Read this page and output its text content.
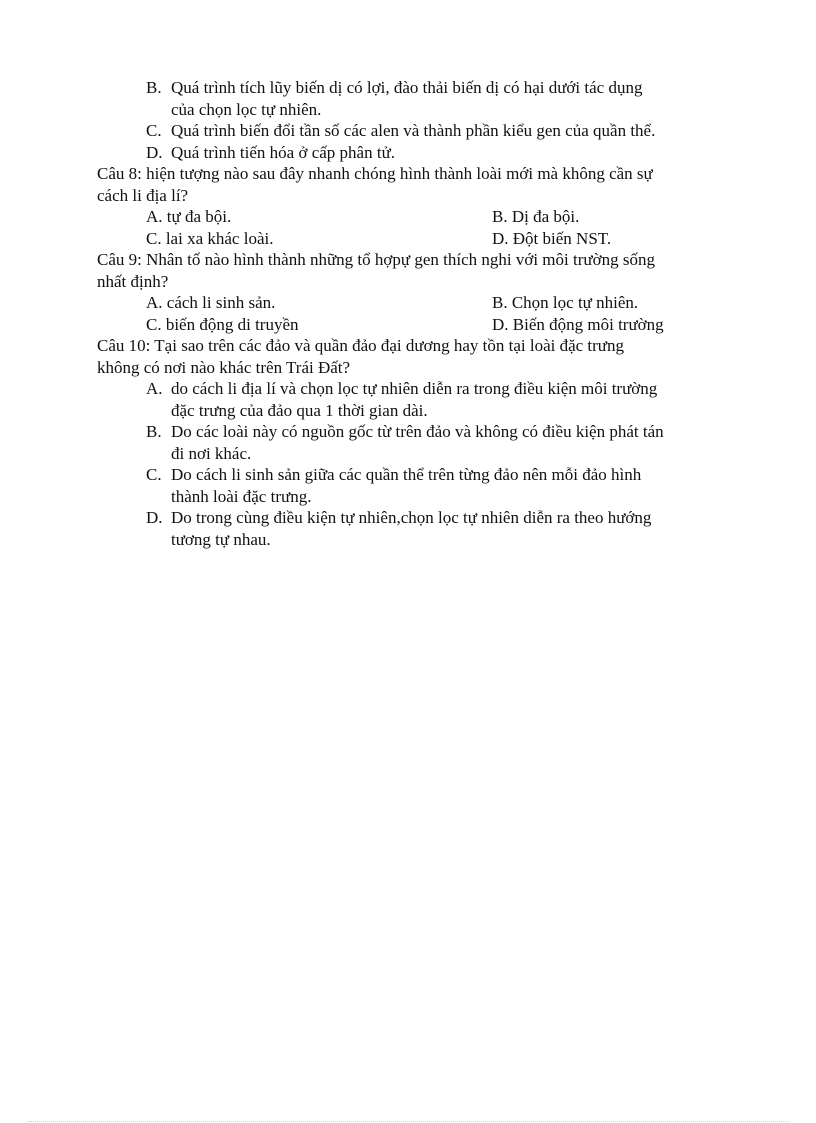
B. Quá trình tích lũy biến dị có lợi, đào thải biến dị có hại dưới tác dụng
của chọn lọc tự nhiên.
C. Quá trình biến đổi tần số các alen và thành phần kiểu gen của quần thể.
D. Quá trình tiến hóa ở cấp phân tử.
Câu 8: hiện tượng nào sau đây nhanh chóng hình thành loài mới mà không cần sự
cách li địa lí?
A. tự đa bội.	B. Dị đa bội.
C. lai xa khác loài.	D. Đột biến NST.
Câu 9: Nhân tố nào hình thành những tổ hợpự gen thích nghi với môi trường sống
nhất định?
A. cách li sinh sản.	B. Chọn lọc tự nhiên.
C. biến động di truyền	D. Biến động môi trường
Câu 10: Tại sao trên các đảo và quần đảo đại dương hay tồn tại loài đặc trưng
không có nơi nào khác trên Trái Đất?
A. do cách li địa lí và chọn lọc tự nhiên diễn ra trong điều kiện môi trường
đặc trưng của đảo qua 1 thời gian dài.
B. Do các loài này có nguồn gốc từ trên đảo và không có điều kiện phát tán
đi nơi khác.
C. Do cách li sinh sản giữa các quần thể trên từng đảo nên mỗi đảo hình
thành loài đặc trưng.
D. Do trong cùng điều kiện tự nhiên,chọn lọc tự nhiên diễn ra theo hướng
tương tự nhau.
